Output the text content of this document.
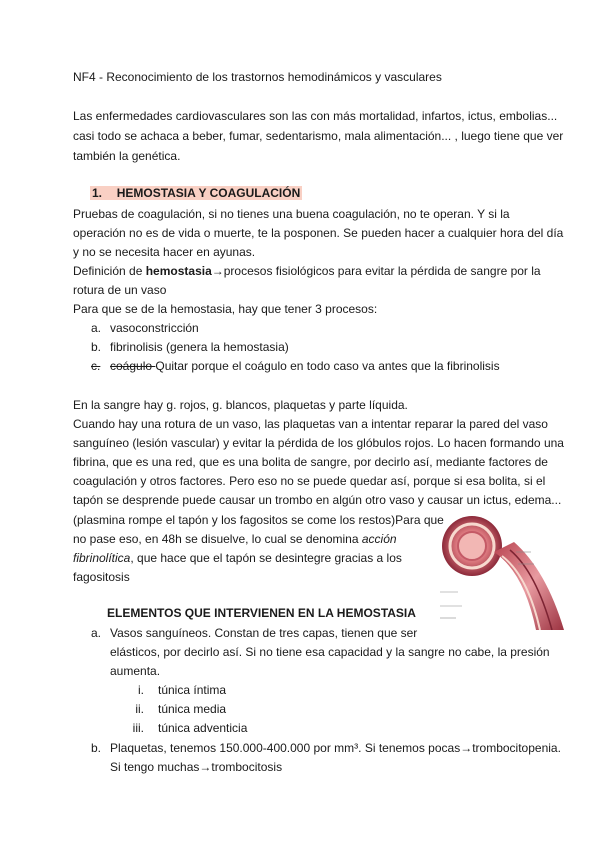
NF4 - Reconocimiento de los trastornos hemodinámicos y vasculares
Las enfermedades cardiovasculares son las con más mortalidad, infartos, ictus, embolias...
casi todo se achaca a beber, fumar, sedentarismo, mala alimentación... , luego tiene que ver
también la genética.
1. HEMOSTASIA Y COAGULACIÓN
Pruebas de coagulación, si no tienes una buena coagulación, no te operan. Y si la
operación no es de vida o muerte, te la posponen. Se pueden hacer a cualquier hora del día
y no se necesita hacer en ayunas.
Definición de hemostasia→procesos fisiológicos para evitar la pérdida de sangre por la
rotura de un vaso
Para que se de la hemostasia, hay que tener 3 procesos:
a. vasoconstricción
b. fibrinolisis (genera la hemostasia)
c. coágulo Quitar porque el coágulo en todo caso va antes que la fibrinolisis
En la sangre hay g. rojos, g. blancos, plaquetas y parte líquida.
Cuando hay una rotura de un vaso, las plaquetas van a intentar reparar la pared del vaso
sanguíneo (lesión vascular) y evitar la pérdida de los glóbulos rojos. Lo hacen formando una
fibrina, que es una red, que es una bolita de sangre, por decirlo así, mediante factores de
coagulación y otros factores. Pero eso no se puede quedar así, porque si esa bolita, si el
tapón se desprende puede causar un trombo en algún otro vaso y causar un ictus, edema...
(plasmina rompe el tapón y los fagositos se come los restos)Para que
no pase eso, en 48h se disuelve, lo cual se denomina acción
fibrinolítica, que hace que el tapón se desintegre gracias a los
fagositosis
ELEMENTOS QUE INTERVIENEN EN LA HEMOSTASIA
a. Vasos sanguíneos. Constan de tres capas, tienen que ser
elásticos, por decirlo así. Si no tiene esa capacidad y la sangre no cabe, la presión
aumenta.
i. túnica íntima
ii. túnica media
iii. túnica adventicia
b. Plaquetas, tenemos 150.000-400.000 por mm³. Si tenemos pocas→trombocitopenia.
Si tengo muchas→trombocitosis
